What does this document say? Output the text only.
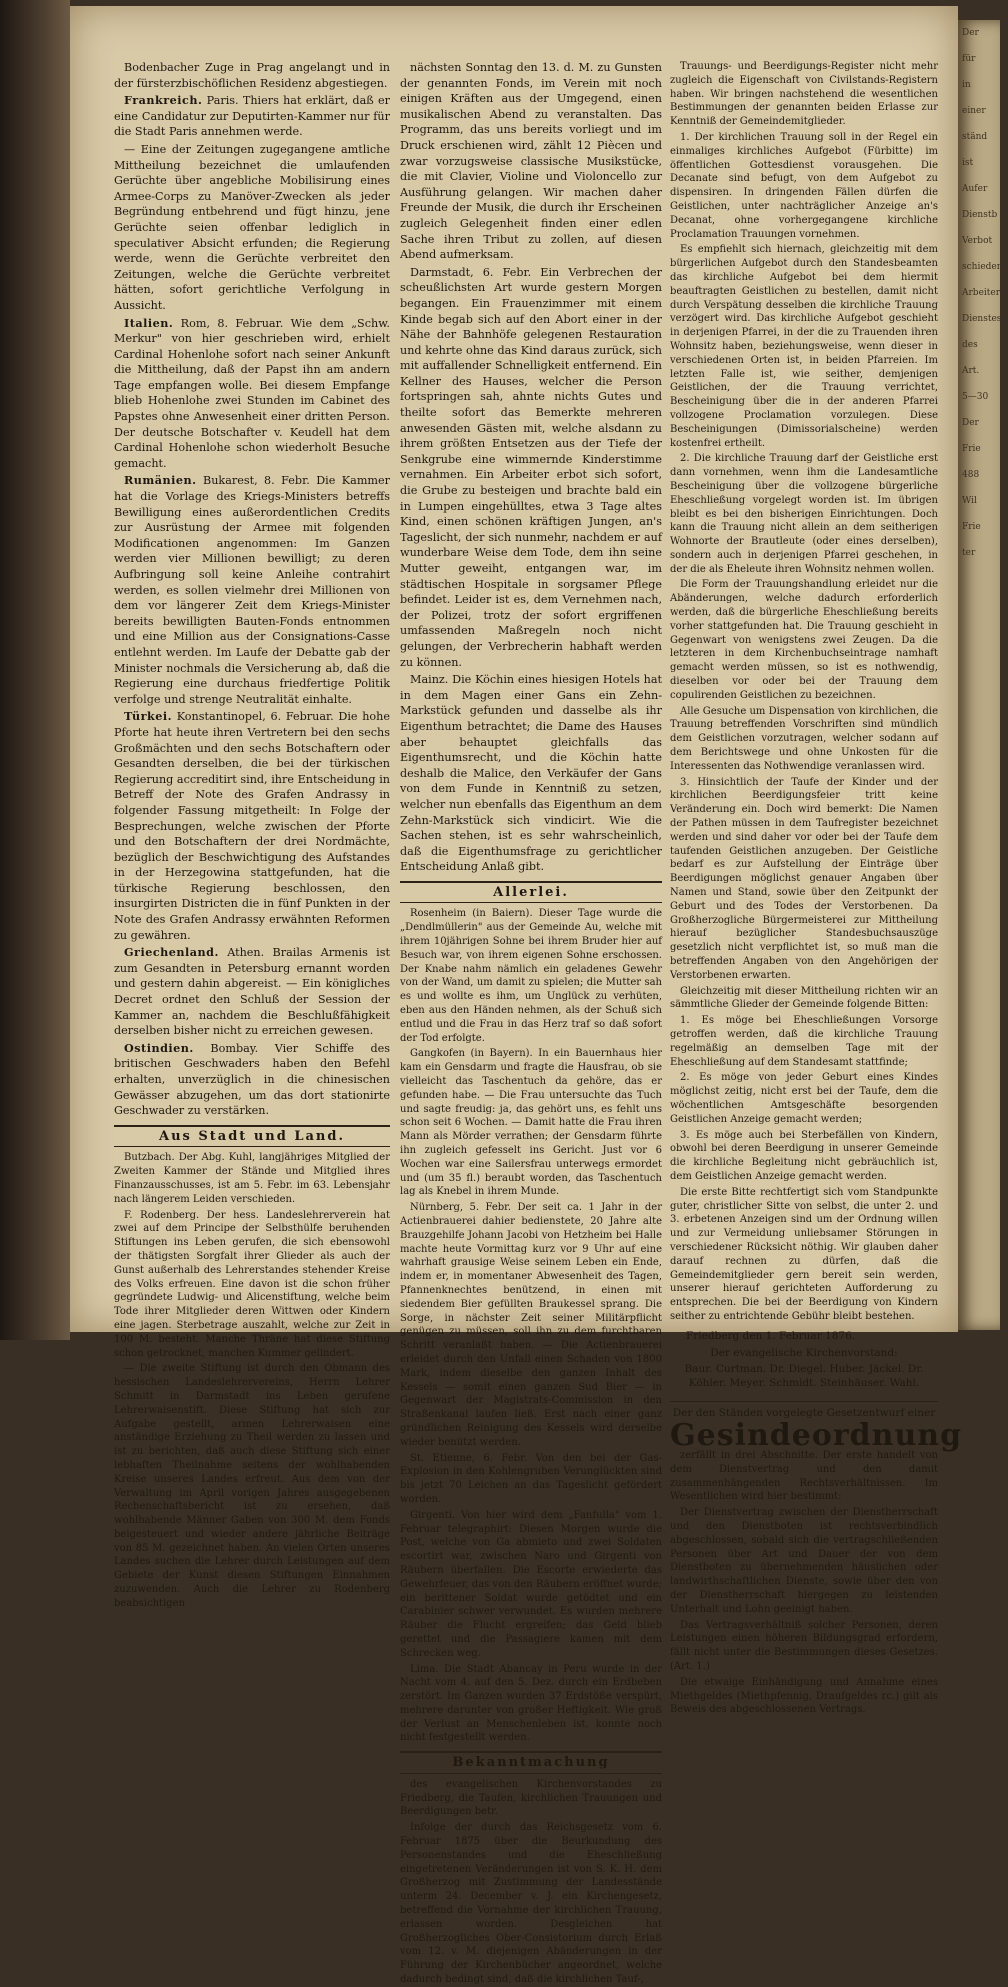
Bodenbacher Zuge in Prag angelangt und in der fürsterzbischöflichen Residenz abgestiegen.

Frankreich. Paris. Thiers hat erklärt, daß er eine Candidatur zur Deputirten-Kammer nur für die Stadt Paris annehmen werde.

— Eine der Zeitungen zugegangene amtliche Mittheilung bezeichnet die umlaufenden Gerüchte über angebliche Mobilisirung eines Armee-Corps zu Manöver-Zwecken als jeder Begründung entbehrend und fügt hinzu, jene Gerüchte seien offenbar lediglich in speculativer Absicht erfunden; die Regierung werde, wenn die Gerüchte verbreitet den Zeitungen, welche die Gerüchte verbreitet hätten, sofort gerichtliche Verfolgung in Aussicht.

Italien. Rom, 8. Februar. Wie dem „Schw. Merkur" von hier geschrieben wird, erhielt Cardinal Hohenlohe sofort nach seiner Ankunft die Mittheilung, daß der Papst ihn am andern Tage empfangen wolle. Bei diesem Empfange blieb Hohenlohe zwei Stunden im Cabinet des Papstes ohne Anwesenheit einer dritten Person. Der deutsche Botschafter v. Keudell hat dem Cardinal Hohenlohe schon wiederholt Besuche gemacht.

Rumänien. Bukarest, 8. Febr. Die Kammer hat die Vorlage des Kriegs-Ministers betreffs Bewilligung eines außerordentlichen Credits zur Ausrüstung der Armee mit folgenden Modificationen angenommen: Im Ganzen werden vier Millionen bewilligt; zu deren Aufbringung soll keine Anleihe contrahirt werden, es sollen vielmehr drei Millionen von dem vor längerer Zeit dem Kriegs-Minister bereits bewilligten Bauten-Fonds entnommen und eine Million aus der Consignations-Casse entlehnt werden. Im Laufe der Debatte gab der Minister nochmals die Versicherung ab, daß die Regierung eine durchaus friedfertige Politik verfolge und strenge Neutralität einhalte.

Türkei. Konstantinopel, 6. Februar. Die hohe Pforte hat heute ihren Vertretern bei den sechs Großmächten und den sechs Botschaftern oder Gesandten derselben, die bei der türkischen Regierung accreditirt sind, ihre Entscheidung in Betreff der Note des Grafen Andrassy in folgender Fassung mitgetheilt: In Folge der Besprechungen, welche zwischen der Pforte und den Botschaftern der drei Nordmächte, bezüglich der Beschwichtigung des Aufstandes in der Herzegowina stattgefunden, hat die türkische Regierung beschlossen, den insurgirten Districten die in fünf Punkten in der Note des Grafen Andrassy erwähnten Reformen zu gewähren.

Griechenland. Athen. Brailas Armenis ist zum Gesandten in Petersburg ernannt worden und gestern dahin abgereist. — Ein königliches Decret ordnet den Schluß der Session der Kammer an, nachdem die Beschlußfähigkeit derselben bisher nicht zu erreichen gewesen.

Ostindien. Bombay. Vier Schiffe des britischen Geschwaders haben den Befehl erhalten, unverzüglich in die chinesischen Gewässer abzugehen, um das dort stationirte Geschwader zu verstärken.

Aus Stadt und Land.

Butzbach. Der Abg. Kuhl, langjähriges Mitglied der Zweiten Kammer der Stände und Mitglied ihres Finanzausschusses, ist am 5. Febr. im 63. Lebensjahr nach längerem Leiden verschieden.

F. Rodenberg. Der hess. Landeslehrerverein hat zwei auf dem Principe der Selbsthülfe beruhenden Stiftungen ins Leben gerufen, die sich ebensowohl der thätigsten Sorgfalt ihrer Glieder als auch der Gunst außerhalb des Lehrerstandes stehender Kreise des Volks erfreuen. Eine davon ist die schon früher gegründete Ludwig- und Alicenstiftung, welche beim Tode ihrer Mitglieder deren Wittwen oder Kindern eine jagen. Sterbetrage auszahlt, welche zur Zeit in 100 M. besteht. Manche Thräne hat diese Stiftung schon getrocknet, manchen Kummer gelindert.

— Die zweite Stiftung ist durch den Obmann des hessischen Landeslehrervereins, Herrn Lehrer Schmitt in Darmstadt ins Leben gerufene Lehrerwaisenstift. Diese Stiftung hat sich zur Aufgabe gestellt, armen Lehrerwaisen eine anständige Erziehung zu Theil werden zu lassen und ist zu berichten, daß auch diese Stiftung sich einer lebhaften Theilnahme seitens der wohlhabenden Kreise unseres Landes erfreut. Aus dem von der Verwaltung im April vorigen Jahres ausgegebenen Rechenschaftsbericht ist zu ersehen, daß wohlhabende Männer Gaben von 300 M. dem Fonds beigesteuert und wieder andere jährliche Beiträge von 85 M. gezeichnet haben. An vielen Orten unseres Landes suchen die Lehrer durch Leistungen auf dem Gebiete der Kunst diesen Stiftungen Einnahmen zuzuwenden. Auch die Lehrer zu Rodenberg beabsichtigen

nächsten Sonntag den 13. d. M. zu Gunsten der genannten Fonds, im Verein mit noch einigen Kräften aus der Umgegend, einen musikalischen Abend zu veranstalten. Das Programm, das uns bereits vorliegt und im Druck erschienen wird, zählt 12 Piècen und zwar vorzugsweise classische Musikstücke, die mit Clavier, Violine und Violoncello zur Ausführung gelangen. Wir machen daher Freunde der Musik, die durch ihr Erscheinen zugleich Gelegenheit finden einer edlen Sache ihren Tribut zu zollen, auf diesen Abend aufmerksam.

Darmstadt, 6. Febr. Ein Verbrechen der scheußlichsten Art wurde gestern Morgen begangen. Ein Frauenzimmer mit einem Kinde begab sich auf den Abort einer in der Nähe der Bahnhöfe gelegenen Restauration und kehrte ohne das Kind daraus zurück, sich mit auffallender Schnelligkeit entfernend. Ein Kellner des Hauses, welcher die Person fortspringen sah, ahnte nichts Gutes und theilte sofort das Bemerkte mehreren anwesenden Gästen mit, welche alsdann zu ihrem größten Entsetzen aus der Tiefe der Senkgrube eine wimmernde Kinderstimme vernahmen. Ein Arbeiter erbot sich sofort, die Grube zu besteigen und brachte bald ein in Lumpen eingehülltes, etwa 3 Tage altes Kind, einen schönen kräftigen Jungen, an's Tageslicht, der sich nunmehr, nachdem er auf wunderbare Weise dem Tode, dem ihn seine Mutter geweiht, entgangen war, im städtischen Hospitale in sorgsamer Pflege befindet. Leider ist es, dem Vernehmen nach, der Polizei, trotz der sofort ergriffenen umfassenden Maßregeln noch nicht gelungen, der Verbrecherin habhaft werden zu können.

Mainz. Die Köchin eines hiesigen Hotels hat in dem Magen einer Gans ein Zehn-Markstück gefunden und dasselbe als ihr Eigenthum betrachtet; die Dame des Hauses aber behauptet gleichfalls das Eigenthumsrecht, und die Köchin hatte deshalb die Malice, den Verkäufer der Gans von dem Funde in Kenntniß zu setzen, welcher nun ebenfalls das Eigenthum an dem Zehn-Markstück sich vindicirt. Wie die Sachen stehen, ist es sehr wahrscheinlich, daß die Eigenthumsfrage zu gerichtlicher Entscheidung Anlaß gibt.

Allerlei.

Rosenheim (in Baiern). Dieser Tage wurde die „Dendlmüllerin" aus der Gemeinde Au, welche mit ihrem 10jährigen Sohne bei ihrem Bruder hier auf Besuch war, von ihrem eigenen Sohne erschossen. Der Knabe nahm nämlich ein geladenes Gewehr von der Wand, um damit zu spielen; die Mutter sah es und wollte es ihm, um Unglück zu verhüten, eben aus den Händen nehmen, als der Schuß sich entlud und die Frau in das Herz traf so daß sofort der Tod erfolgte.

Gangkofen (in Bayern). In ein Bauernhaus hier kam ein Gensdarm und fragte die Hausfrau, ob sie vielleicht das Taschentuch da gehöre, das er gefunden habe. — Die Frau untersuchte das Tuch und sagte freudig: ja, das gehört uns, es fehlt uns schon seit 6 Wochen. — Damit hatte die Frau ihren Mann als Mörder verrathen; der Gensdarm führte ihn zugleich gefesselt ins Gericht. Just vor 6 Wochen war eine Sailersfrau unterwegs ermordet und (um 35 fl.) beraubt worden, das Taschentuch lag als Knebel in ihrem Munde.

Nürnberg, 5. Febr. Der seit ca. 1 Jahr in der Actienbrauerei dahier bedienstete, 20 Jahre alte Brauzgehilfe Johann Jacobi von Hetzheim bei Halle machte heute Vormittag kurz vor 9 Uhr auf eine wahrhaft grausige Weise seinem Leben ein Ende, indem er, in momentaner Abwesenheit des Tagen, Pfannenknechtes benützend, in einen mit siedendem Bier gefüllten Braukessel sprang. Die Sorge, in nächster Zeit seiner Militärpflicht genügen zu müssen, soll ihn zu dem furchtbaren Schritt veranlaßt haben. — Die Actienbrauerei erleidet durch den Unfall einen Schaden von 1800 Mark, indem dieselbe den ganzen Inhalt des Kessels — somit einen ganzen Sud Bier — in Gegenwart der Magistrats-Commission in den Straßenkanal laufen ließ. Erst nach einer ganz gründlichen Reinigung des Kessels wird derselbe wieder benützt werden.

St. Etienne, 6. Febr. Von den bei der Gas-Explosion in den Kohlengruben Verunglückten sind bis jetzt 70 Leichen an das Tageslicht gefördert worden.

Girgenti. Von hier wird dem „Fanfulla" vom 1. Februar telegraphirt: Diesen Morgen wurde die Post, welche von Ga abmieto und zwei Soldaten escortirt war, zwischen Naro und Girgenti von Räubern überfallen. Die Escorte erwiederte das Gewehrfeuer, das von den Räubern eröffnet wurde; ein berittener Soldat wurde getödtet und ein Carabinier schwer verwundet. Es wurden mehrere Räuber die Flucht ergreifen; das Geld blieb gerettet und die Passagiere kamen mit dem Schrecken weg.

Lima. Die Stadt Abancay in Peru wurde in der Nacht vom 4. auf den 5. Dez. durch ein Erdbeben zerstört. Im Ganzen wurden 37 Erdstöße verspürt, mehrere darunter von großer Heftigkeit. Wie groß der Verlust an Menschenleben ist, konnte noch nicht festgestellt werden.

Bekanntmachung

des evangelischen Kirchenvorstandes zu Friedberg, die Taufen, kirchlichen Trauungen und Beerdigungen betr.

Infolge der durch das Reichsgesetz vom 6. Februar 1875 über die Beurkundung des Personenstandes und die Eheschließung eingetretenen Veränderungen ist von S. K. H. dem Großherzog mit Zustimmung der Landesstände unterm 24. December v. J. ein Kirchengesetz, betreffend die Vornahme der kirchlichen Trauung, erlassen worden. Desgleichen hat Großherzogliches Ober-Consistorium durch Erlaß vom 12. v. M. diejenigen Abänderungen in der Führung der Kirchenbücher angeordnet, welche dadurch bedingt sind, daß die kirchlichen Tauf-,

Trauungs- und Beerdigungs-Register nicht mehr zugleich die Eigenschaft von Civilstands-Registern haben. Wir bringen nachstehend die wesentlichen Bestimmungen der genannten beiden Erlasse zur Kenntniß der Gemeindemitglieder.

1. Der kirchlichen Trauung soll in der Regel ein einmaliges kirchliches Aufgebot (Fürbitte) im öffentlichen Gottesdienst vorausgehen. Die Decanate sind befugt, von dem Aufgebot zu dispensiren. In dringenden Fällen dürfen die Geistlichen, unter nachträglicher Anzeige an's Decanat, ohne vorhergegangene kirchliche Proclamation Trauungen vornehmen.

Es empfiehlt sich hiernach, gleichzeitig mit dem bürgerlichen Aufgebot durch den Standesbeamten das kirchliche Aufgebot bei dem hiermit beauftragten Geistlichen zu bestellen, damit nicht durch Verspätung desselben die kirchliche Trauung verzögert wird. Das kirchliche Aufgebot geschieht in derjenigen Pfarrei, in der die zu Trauenden ihren Wohnsitz haben, beziehungsweise, wenn dieser in verschiedenen Orten ist, in beiden Pfarreien. Im letzten Falle ist, wie seither, demjenigen Geistlichen, der die Trauung verrichtet, Bescheinigung über die in der anderen Pfarrei vollzogene Proclamation vorzulegen. Diese Bescheinigungen (Dimissorialscheine) werden kostenfrei ertheilt.

2. Die kirchliche Trauung darf der Geistliche erst dann vornehmen, wenn ihm die Landesamtliche Bescheinigung über die vollzogene bürgerliche Eheschließung vorgelegt worden ist. Im übrigen bleibt es bei den bisherigen Einrichtungen. Doch kann die Trauung nicht allein an dem seitherigen Wohnorte der Brautleute (oder eines derselben), sondern auch in derjenigen Pfarrei geschehen, in der die als Eheleute ihren Wohnsitz nehmen wollen.

Die Form der Trauungshandlung erleidet nur die Abänderungen, welche dadurch erforderlich werden, daß die bürgerliche Eheschließung bereits vorher stattgefunden hat. Die Trauung geschieht in Gegenwart von wenigstens zwei Zeugen. Da die letzteren in dem Kirchenbuchseintrage namhaft gemacht werden müssen, so ist es nothwendig, dieselben vor oder bei der Trauung dem copulirenden Geistlichen zu bezeichnen.

Alle Gesuche um Dispensation von kirchlichen, die Trauung betreffenden Vorschriften sind mündlich dem Geistlichen vorzutragen, welcher sodann auf dem Berichtswege und ohne Unkosten für die Interessenten das Nothwendige veranlassen wird.

3. Hinsichtlich der Taufe der Kinder und der kirchlichen Beerdigungsfeier tritt keine Veränderung ein. Doch wird bemerkt: Die Namen der Pathen müssen in dem Taufregister bezeichnet werden und sind daher vor oder bei der Taufe dem taufenden Geistlichen anzugeben. Der Geistliche bedarf es zur Aufstellung der Einträge über Beerdigungen möglichst genauer Angaben über Namen und Stand, sowie über den Zeitpunkt der Geburt und des Todes der Verstorbenen. Da Großherzogliche Bürgermeisterei zur Mittheilung hierauf bezüglicher Standesbuchsauszüge gesetzlich nicht verpflichtet ist, so muß man die betreffenden Angaben von den Angehörigen der Verstorbenen erwarten.

Gleichzeitig mit dieser Mittheilung richten wir an sämmtliche Glieder der Gemeinde folgende Bitten:

1. Es möge bei Eheschließungen Vorsorge getroffen werden, daß die kirchliche Trauung regelmäßig an demselben Tage mit der Eheschließung auf dem Standesamt stattfinde;

2. Es möge von jeder Geburt eines Kindes möglichst zeitig, nicht erst bei der Taufe, dem die wöchentlichen Amtsgeschäfte besorgenden Geistlichen Anzeige gemacht werden;

3. Es möge auch bei Sterbefällen von Kindern, obwohl bei deren Beerdigung in unserer Gemeinde die kirchliche Begleitung nicht gebräuchlich ist, dem Geistlichen Anzeige gemacht werden.

Die erste Bitte rechtfertigt sich vom Standpunkte guter, christlicher Sitte von selbst, die unter 2. und 3. erbetenen Anzeigen sind um der Ordnung willen und zur Vermeidung unliebsamer Störungen in verschiedener Rücksicht nöthig. Wir glauben daher darauf rechnen zu dürfen, daß die Gemeindemitglieder gern bereit sein werden, unserer hierauf gerichteten Aufforderung zu entsprechen. Die bei der Beerdigung von Kindern seither zu entrichtende Gebühr bleibt bestehen.

Friedberg den 1. Februar 1876.
Der evangelische Kirchenvorstand:
Baur. Curtman. Dr. Diegel. Huber. Jäckel. Dr. Köhler. Meyer. Schmidt. Steinhäuser. Wahl.
Der den Ständen vorgelegte Gesetzentwurf einer
Gesindeordnung

zerfällt in drei Abschnitte. Der erste handelt von dem Dienstvertrag und den damit zusammenhängenden Rechtsverhältnissen. Im Wesentlichen wird hier bestimmt:

Der Dienstvertrag zwischen der Dienstherrschaft und den Dienstboten ist rechtsverbindlich abgeschlossen, sobald sich die vertragschließenden Personen über Art und Dauer der von dem Dienstboten zu übernehmenden häuslichen oder landwirthschaftlichen Dienste, sowie über den von der Dienstherrschaft hiergegen zu leistenden Unterhalt und Lohn geeinigt haben.

Das Vertragsverhältniß solcher Personen, deren Leistungen einen höheren Bildungsgrad erfordern, fällt nicht unter die Bestimmungen dieses Gesetzes. (Art. 1.)

Die etwaige Einhändigung und Annahme eines Miethgeldes (Miethpfennig, Draufgeldes rc.) gilt als Beweis des abgeschlossenen Vertrags.

Der
für
in
einer
ständ
ist
Aufer
Dienstb
Verbot
schiedene
Arbeiter
Dienstes
des
Art.
5—30
Der
Frie
488
Wil
Frie
ter
